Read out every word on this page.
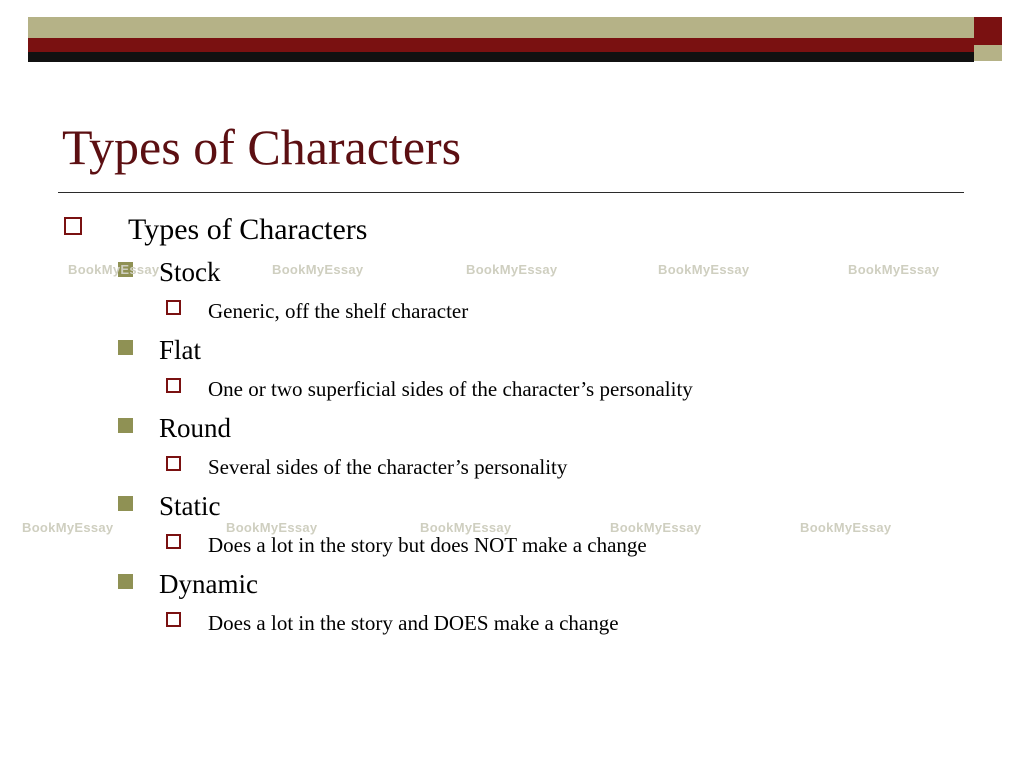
Types of Characters
Types of Characters
Stock
Generic, off the shelf character
Flat
One or two superficial sides of the character’s personality
Round
Several sides of the character’s personality
Static
Does a lot in the story but does NOT make a change
Dynamic
Does a lot in the story and DOES make a change
BookMyEssay	BookMyEssay	BookMyEssay	BookMyEssay	BookMyEssay
BookMyEssay	BookMyEssay	BookMyEssay	BookMyEssay	BookMyEssay
